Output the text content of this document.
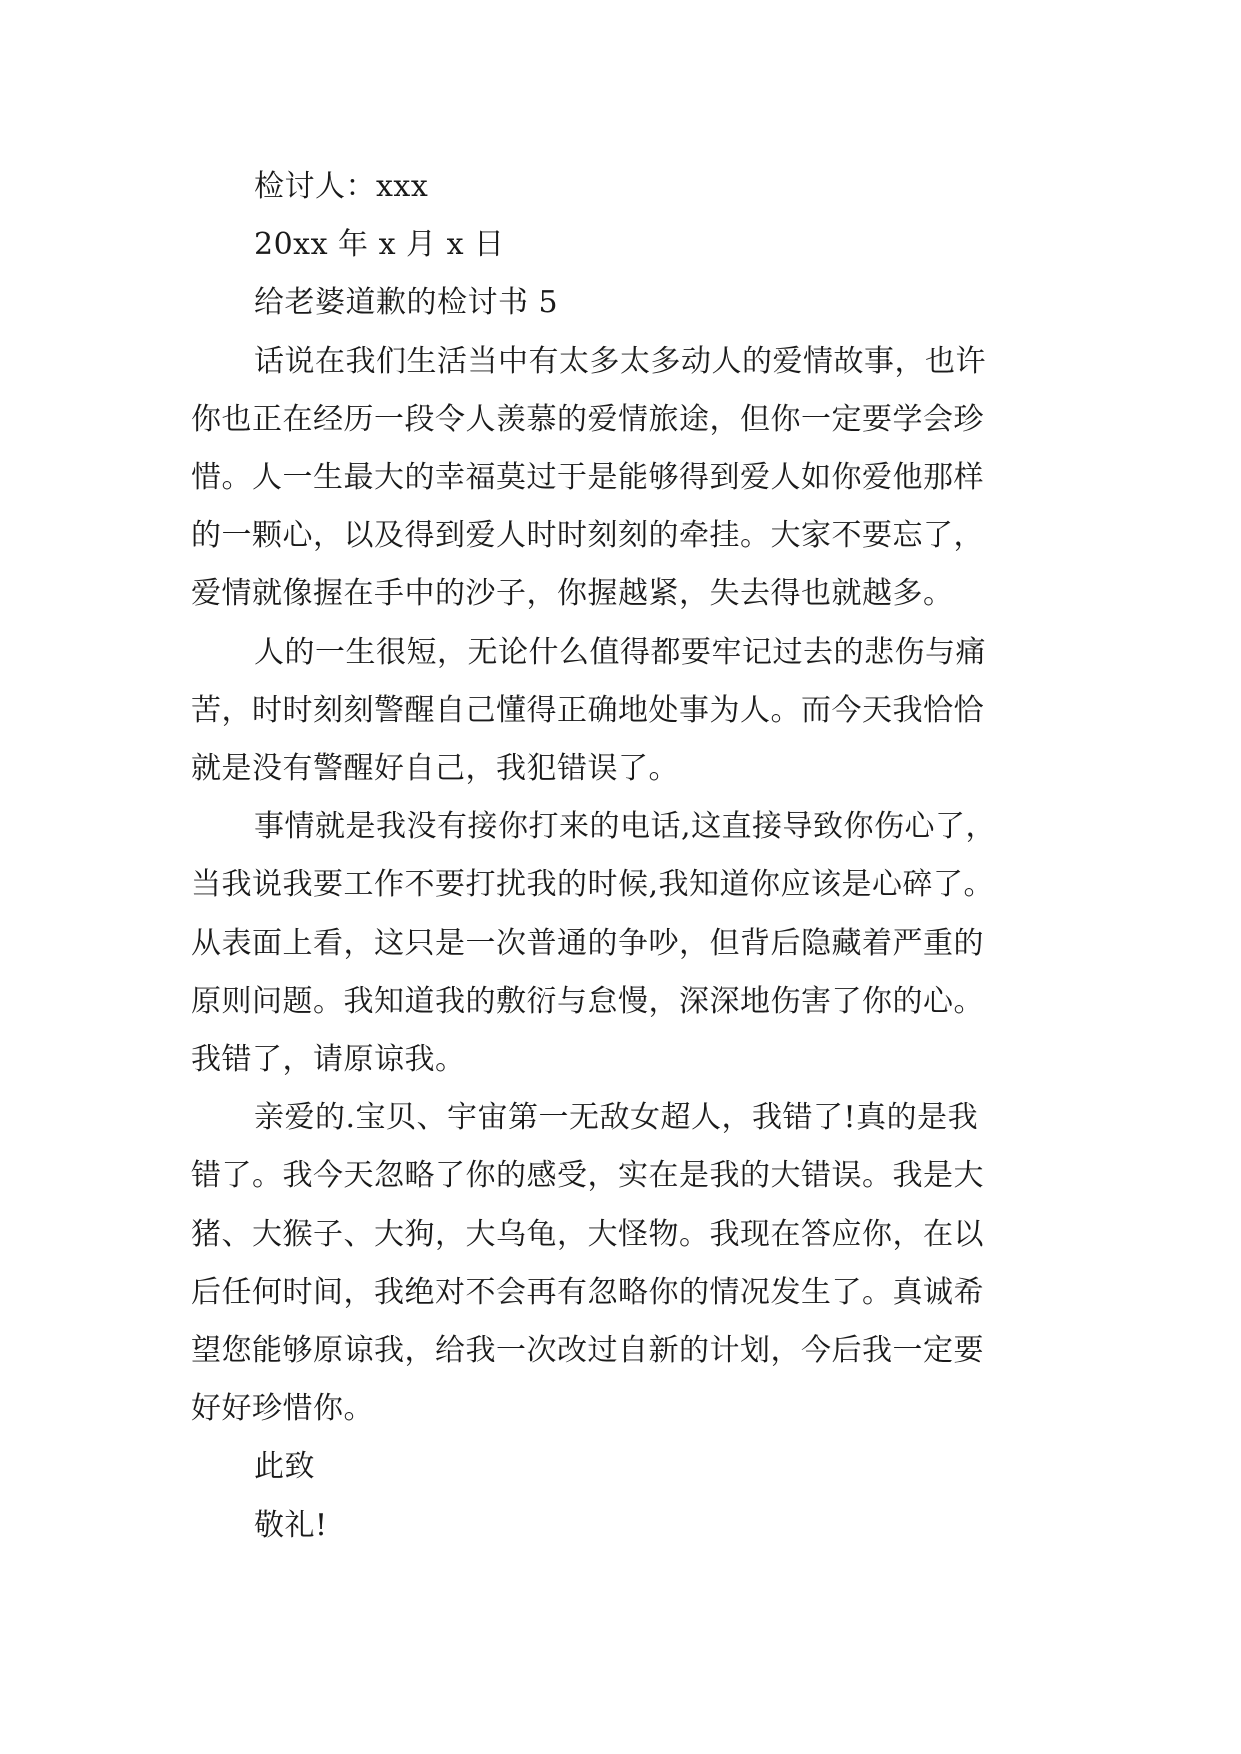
检讨人：xxx

20xx 年 x 月 x 日

给老婆道歉的检讨书 5

话说在我们生活当中有太多太多动人的爱情故事，也许

你也正在经历一段令人羡慕的爱情旅途，但你一定要学会珍

惜。人一生最大的幸福莫过于是能够得到爱人如你爱他那样

的一颗心，以及得到爱人时时刻刻的牵挂。大家不要忘了，

爱情就像握在手中的沙子，你握越紧，失去得也就越多。

人的一生很短，无论什么值得都要牢记过去的悲伤与痛

苦，时时刻刻警醒自己懂得正确地处事为人。而今天我恰恰

就是没有警醒好自己，我犯错误了。

事情就是我没有接你打来的电话,这直接导致你伤心了，

当我说我要工作不要打扰我的时候,我知道你应该是心碎了。

从表面上看，这只是一次普通的争吵，但背后隐藏着严重的

原则问题。我知道我的敷衍与怠慢，深深地伤害了你的心。

我错了，请原谅我。

亲爱的.宝贝、宇宙第一无敌女超人，我错了!真的是我

错了。我今天忽略了你的感受，实在是我的大错误。我是大

猪、大猴子、大狗，大乌龟，大怪物。我现在答应你，在以

后任何时间，我绝对不会再有忽略你的情况发生了。真诚希

望您能够原谅我，给我一次改过自新的计划，今后我一定要

好好珍惜你。

此致

敬礼!
